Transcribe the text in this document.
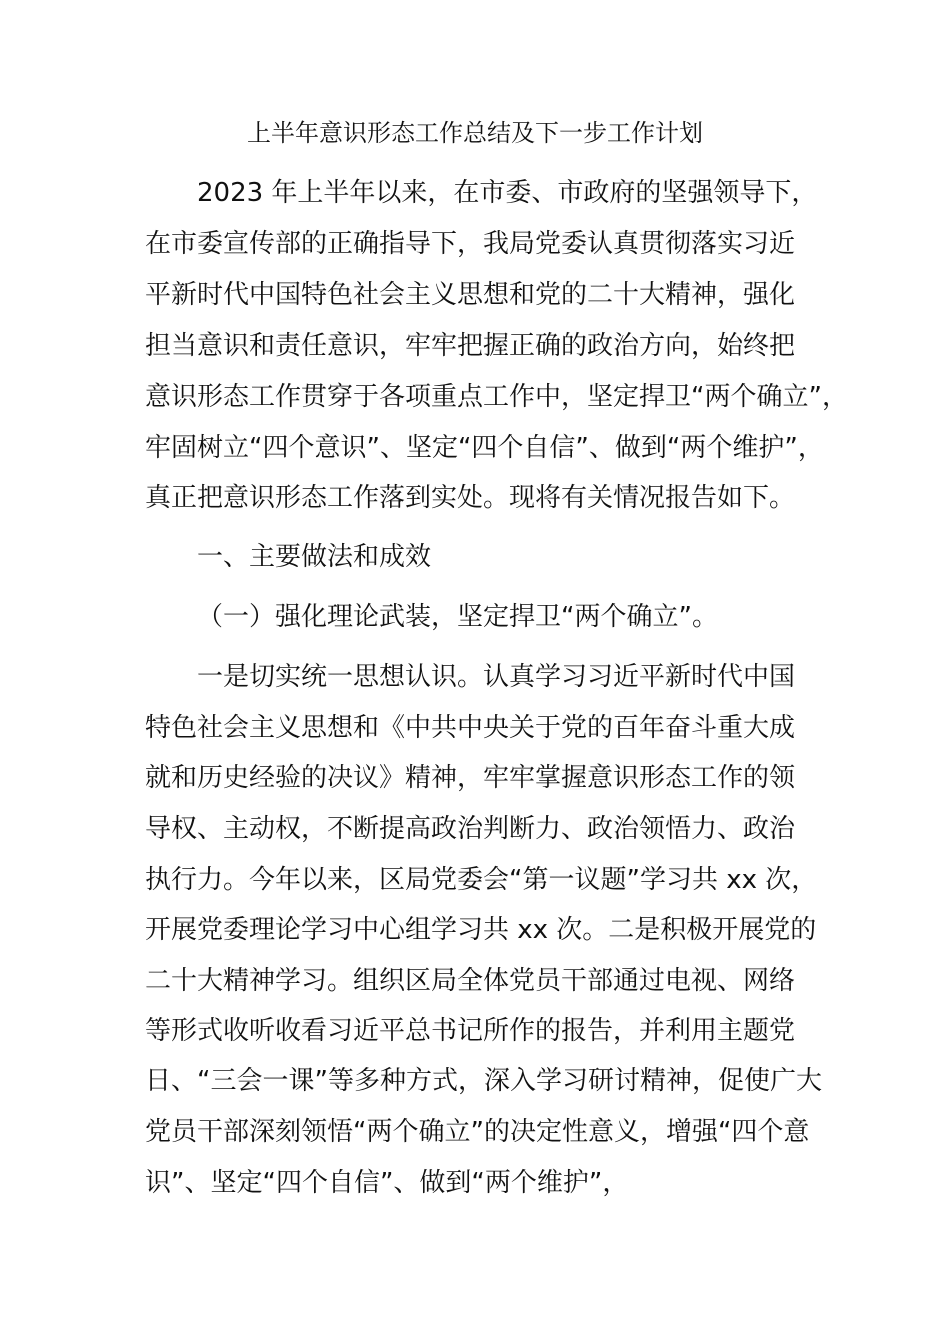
上半年意识形态工作总结及下一步工作计划
2023 年上半年以来，在市委、市政府的坚强领导下，
在市委宣传部的正确指导下，我局党委认真贯彻落实习近
平新时代中国特色社会主义思想和党的二十大精神，强化
担当意识和责任意识，牢牢把握正确的政治方向，始终把
意识形态工作贯穿于各项重点工作中，坚定捍卫“两个确立”，
牢固树立“四个意识”、坚定“四个自信”、做到“两个维护”，
真正把意识形态工作落到实处。现将有关情况报告如下。
一、主要做法和成效
（一）强化理论武装，坚定捍卫“两个确立”。
一是切实统一思想认识。认真学习习近平新时代中国
特色社会主义思想和《中共中央关于党的百年奋斗重大成
就和历史经验的决议》精神，牢牢掌握意识形态工作的领
导权、主动权，不断提高政治判断力、政治领悟力、政治
执行力。今年以来，区局党委会“第一议题”学习共 xx 次，
开展党委理论学习中心组学习共 xx 次。二是积极开展党的
二十大精神学习。组织区局全体党员干部通过电视、网络
等形式收听收看习近平总书记所作的报告，并利用主题党
日、“三会一课”等多种方式，深入学习研讨精神，促使广大
党员干部深刻领悟“两个确立”的决定性意义，增强“四个意
识”、坚定“四个自信”、做到“两个维护”，
